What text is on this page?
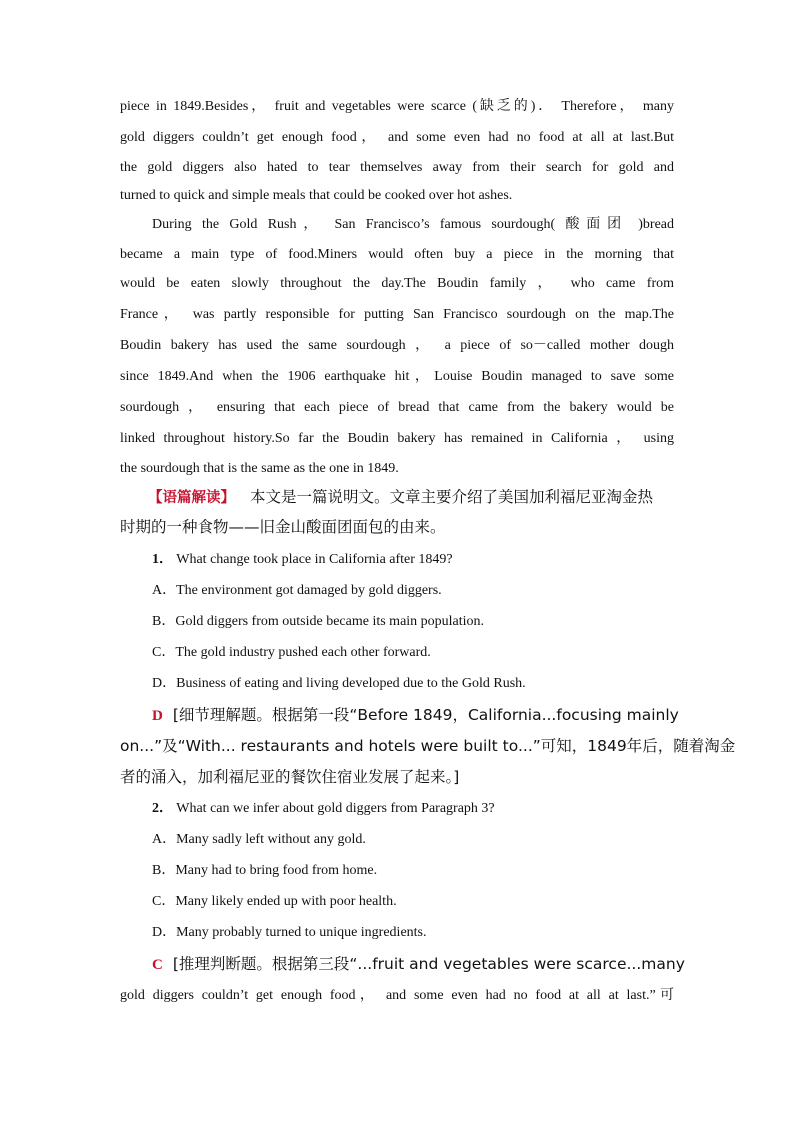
piece in 1849.Besides， fruit and vegetables were scarce (缺乏的)． Therefore， many
gold diggers couldn’t get enough food， and some even had no food at all at last.But
the gold diggers also hated to tear themselves away from their search for gold and
turned to quick and simple meals that could be cooked over hot ashes.
During the Gold Rush， San Francisco’s famous sourdough( 酸面团 )bread
became a main type of food.Miners would often buy a piece in the morning that
would be eaten slowly throughout the day.The Boudin family ， who came from
France， was partly responsible for putting San Francisco sourdough on the map.The
Boudin bakery has used the same sourdough ， a piece of so－called mother dough
since 1849.And when the 1906 earthquake hit，Louise Boudin managed to save some
sourdough ， ensuring that each piece of bread that came from the bakery would be
linked throughout history.So far the Boudin bakery has remained in California ， using
the sourdough that is the same as the one in 1849.
【语篇解读】 本文是一篇说明文。文章主要介绍了美国加利福尼亚淘金热
时期的一种食物——旧金山酸面团面包的由来。
1． What change took place in California after 1849?
A．The environment got damaged by gold diggers.
B．Gold diggers from outside became its main population.
C．The gold industry pushed each other forward.
D．Business of eating and living developed due to the Gold Rush.
D [细节理解题。根据第一段“Before 1849，California...focusing mainly
on...”及“With... restaurants and hotels were built to...”可知，1849年后，随着淘金
者的涌入，加利福尼亚的餐饮住宿业发展了起来。]
2． What can we infer about gold diggers from Paragraph 3?
A．Many sadly left without any gold.
B．Many had to bring food from home.
C．Many likely ended up with poor health.
D．Many probably turned to unique ingredients.
C [推理判断题。根据第三段“...fruit and vegetables were scarce...many
gold diggers couldn’t get enough food， and some even had no food at all at last.”可
